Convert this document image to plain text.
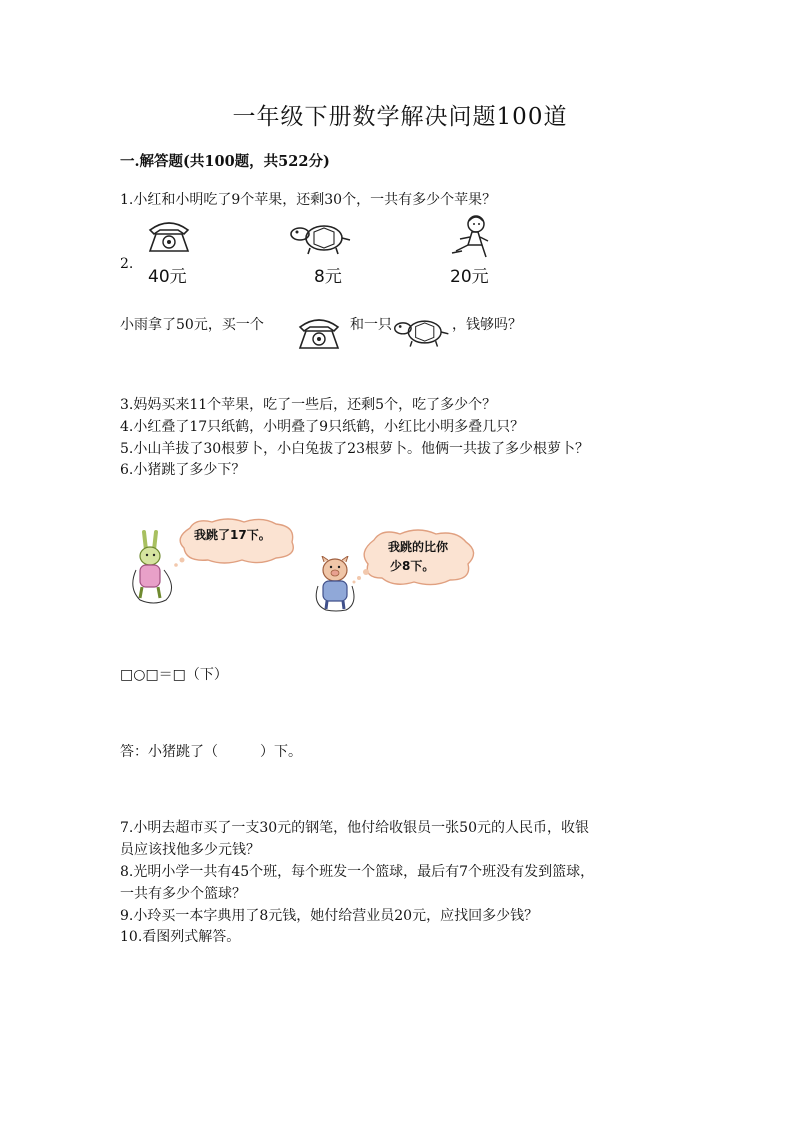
一年级下册数学解决问题100道
一.解答题(共100题，共522分)
1.小红和小明吃了9个苹果，还剩30个，一共有多少个苹果？
2.
40元	8元	20元
小雨拿了50元，买一个	和一只	，钱够吗？
3.妈妈买来11个苹果，吃了一些后，还剩5个，吃了多少个？
4.小红叠了17只纸鹤，小明叠了9只纸鹤，小红比小明多叠几只？
5.小山羊拔了30根萝卜，小白兔拔了23根萝卜。他俩一共拔了多少根萝卜？
6.小猪跳了多少下？
我跳了17下。
我跳的比你
少8下。
□○□＝□（下）
答：小猪跳了（　　　）下。
7.小明去超市买了一支30元的钢笔，他付给收银员一张50元的人民币，收银
员应该找他多少元钱？
8.光明小学一共有45个班，每个班发一个篮球，最后有7个班没有发到篮球，
一共有多少个篮球？
9.小玲买一本字典用了8元钱，她付给营业员20元，应找回多少钱？
10.看图列式解答。
